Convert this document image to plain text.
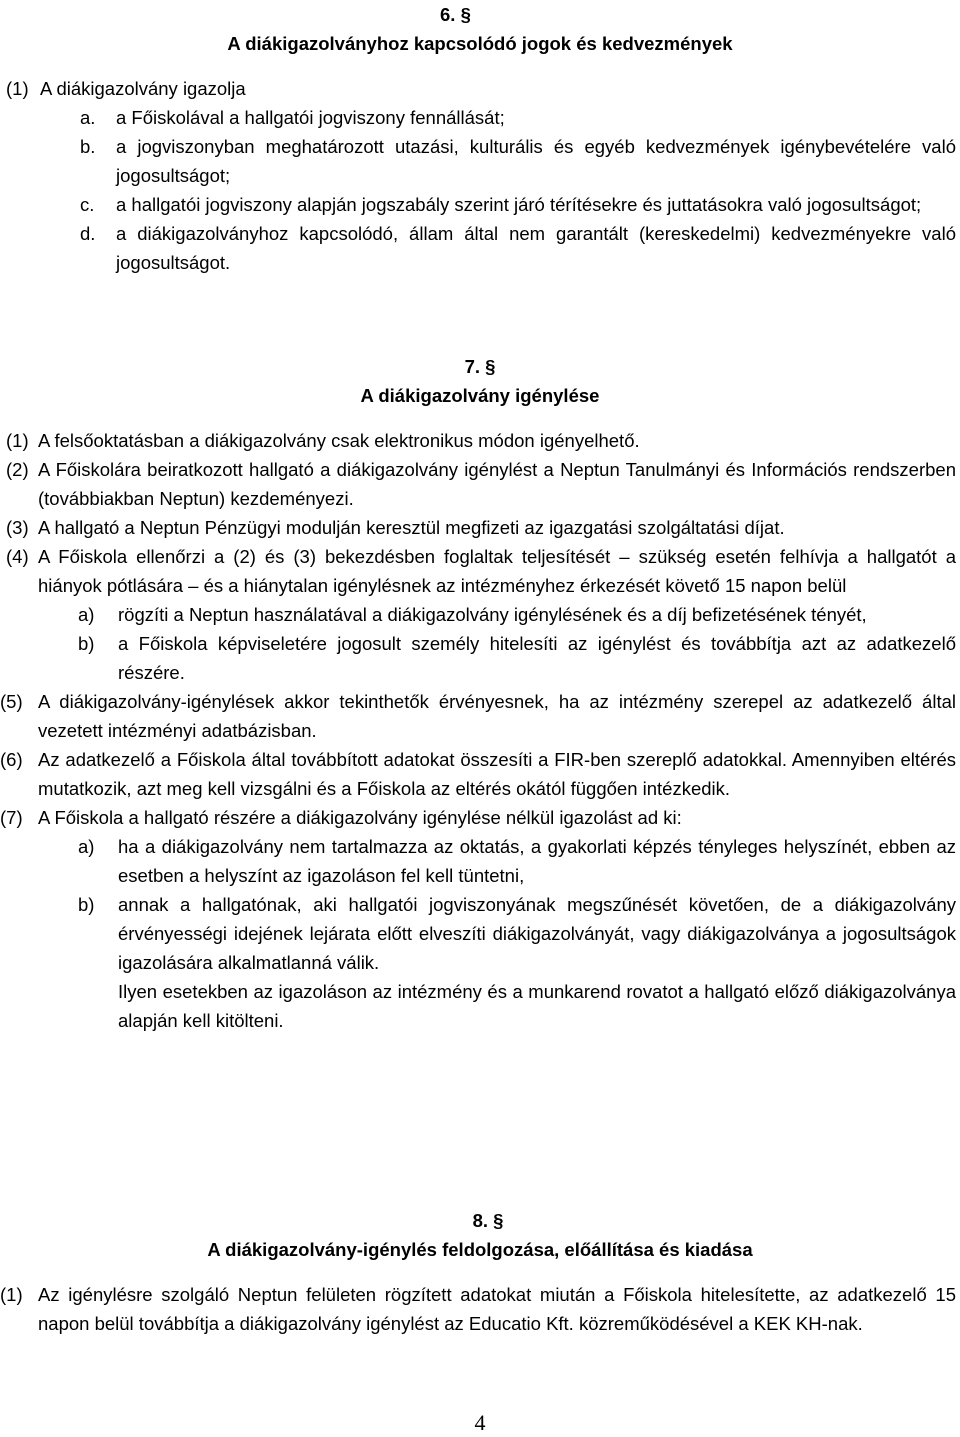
6. §

A diákigazolványhoz kapcsolódó jogok és kedvezmények

(1) A diákigazolvány igazolja
a.	a Főiskolával a hallgatói jogviszony fennállását;
b.	a jogviszonyban meghatározott utazási, kulturális és egyéb kedvezmények igénybevételére való jogosultságot;
c.	a hallgatói jogviszony alapján jogszabály szerint járó térítésekre és juttatásokra való jogosultságot;
d.	a diákigazolványhoz kapcsolódó, állam által nem garantált (kereskedelmi) kedvezményekre való jogosultságot.

7. §

A diákigazolvány igénylése

(1) A felsőoktatásban a diákigazolvány csak elektronikus módon igényelhető.
(2) A Főiskolára beiratkozott hallgató a diákigazolvány igénylést a Neptun Tanulmányi és Információs rendszerben (továbbiakban Neptun) kezdeményezi.
(3) A hallgató a Neptun Pénzügyi modulján keresztül megfizeti az igazgatási szolgáltatási díjat.
(4) A Főiskola ellenőrzi a (2) és (3) bekezdésben foglaltak teljesítését – szükség esetén felhívja a hallgatót a hiányok pótlására – és a hiánytalan igénylésnek az intézményhez érkezését követő 15 napon belül
a)	rögzíti a Neptun használatával a diákigazolvány igénylésének és a díj befizetésének tényét,
b)	a Főiskola képviseletére jogosult személy hitelesíti az igénylést és továbbítja azt az adatkezelő részére.
(5) A diákigazolvány-igénylések akkor tekinthetők érvényesnek, ha az intézmény szerepel az adatkezelő által vezetett intézményi adatbázisban.
(6) Az adatkezelő a Főiskola által továbbított adatokat összesíti a FIR-ben szereplő adatokkal. Amennyiben eltérés mutatkozik, azt meg kell vizsgálni és a Főiskola az eltérés okától függően intézkedik.
(7) A Főiskola a hallgató részére a diákigazolvány igénylése nélkül igazolást ad ki:
a)	ha a diákigazolvány nem tartalmazza az oktatás, a gyakorlati képzés tényleges helyszínét, ebben az esetben a helyszínt az igazoláson fel kell tüntetni,
b)	annak a hallgatónak, aki hallgatói jogviszonyának megszűnését követően, de a diákigazolvány érvényességi idejének lejárata előtt elveszíti diákigazolványát, vagy diákigazolványa a jogosultságok igazolására alkalmatlanná válik.

Ilyen esetekben az igazoláson az intézmény és a munkarend rovatot a hallgató előző diákigazolványa alapján kell kitölteni.

8. §

A diákigazolvány-igénylés feldolgozása, előállítása és kiadása

(1) Az igénylésre szolgáló Neptun felületen rögzített adatokat miután a Főiskola hitelesítette, az adatkezelő 15 napon belül továbbítja a diákigazolvány igénylést az Educatio Kft. közreműködésével a KEK KH-nak.
4
